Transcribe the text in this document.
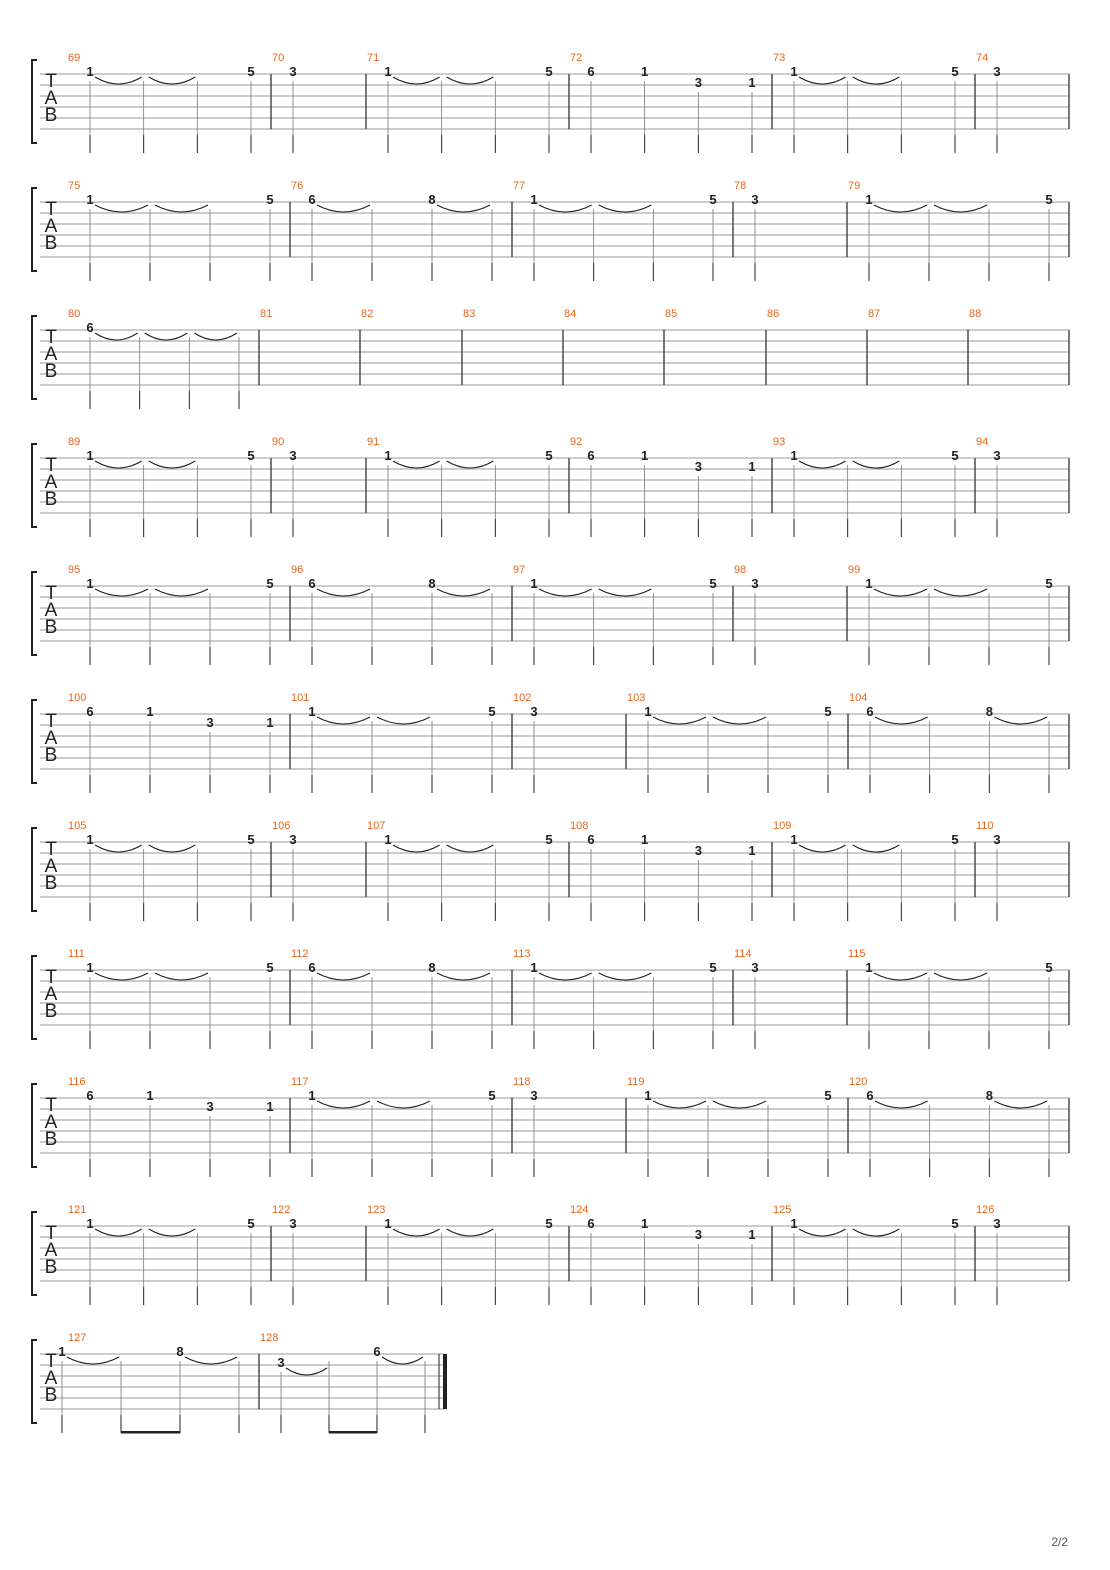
T
A
B
69
1	5
70
3
71
1	5
72
6	1
3	1
73
1	5
74
3
T
A
B
75
1	5
76
6	8
77
1	5
78
3
79
1	5
T
A
B
80
6
81	82	83	84	85	86	87	88
T
A
B
89
1	5
90
3
91
1	5
92
6	1
3	1
93
1	5
94
3
T
A
B
95
1	5
96
6	8
97
1	5
98
3
99
1	5
T
A
B
100
6	1
3	1
101
1	5
102
3
103
1	5
104
6	8
T
A
B
105
1	5
106
3
107
1	5
108
6	1
3	1
109
1	5
110
3
T
A
B
111
1	5
112
6	8
113
1	5
114
3
115
1	5
T
A
B
116
6	1
3	1
117
1	5
118
3
119
1	5
120
6	8
T
A
B
121
1	5
122
3
123
1	5
124
6	1
3	1
125
1	5
126
3
T
A
B
127
1	8
128
3
6
2/2
